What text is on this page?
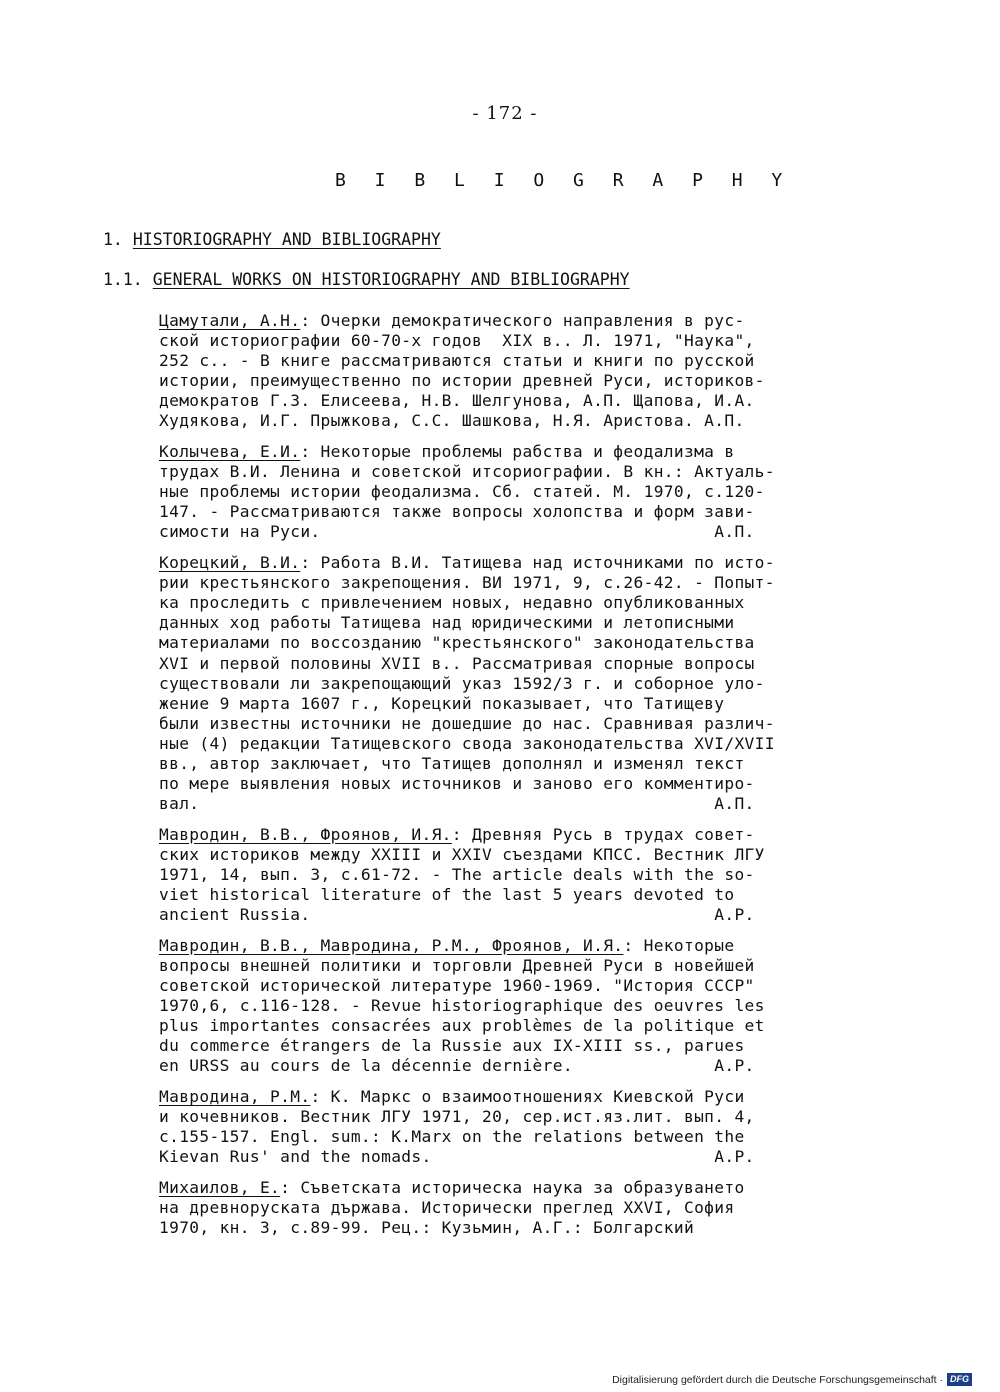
- 172 -
B I B L I O G R A P H Y
1. HISTORIOGRAPHY AND BIBLIOGRAPHY
1.1. GENERAL WORKS ON HISTORIOGRAPHY AND BIBLIOGRAPHY
Цамутали, А.Н.: Очерки демократического направления в рус-
ской историографии 60-70-х годов  XIX в.. Л. 1971, "Наука",
252 с.. - В книге рассматриваются статьи и книги по русской
истории, преимущественно по истории древней Руси, историков-
демократов Г.З. Елисеева, Н.В. Шелгунова, А.П. Щапова, И.А.
Худякова, И.Г. Прыжкова, С.С. Шашкова, Н.Я. Аристова. А.П.
Колычева, Е.И.: Некоторые проблемы рабства и феодализма в
трудах В.И. Ленина и советской итсориографии. В кн.: Актуаль-
ные проблемы истории феодализма. Сб. статей. М. 1970, с.120-
147. - Рассматриваются также вопросы холопства и форм зави-
симости на Руси.                                       А.П.
Корецкий, В.И.: Работа В.И. Татищева над источниками по исто-
рии крестьянского закрепощения. ВИ 1971, 9, с.26-42. - Попыт-
ка проследить с привлечением новых, недавно опубликованных
данных ход работы Татищева над юридическими и летописными
материалами по воссозданию "крестьянского" законодательства
XVI и первой половины XVII в.. Рассматривая спорные вопросы
существовали ли закрепощающий указ 1592/3 г. и соборное уло-
жение 9 марта 1607 г., Корецкий показывает, что Татищеву
были известны источники не дошедшие до нас. Сравнивая различ-
ные (4) редакции Татищевского свода законодательства XVI/XVII
вв., автор заключает, что Татищев дополнял и изменял текст
по мере выявления новых источников и заново его комментиро-
вал.                                                   А.П.
Мавродин, В.В., Фроянов, И.Я.: Древняя Русь в трудах совет-
ских историков между XXIII и XXIV съездами КПСС. Вестник ЛГУ
1971, 14, вып. 3, с.61-72. - The article deals with the so-
viet historical literature of the last 5 years devoted to
ancient Russia.                                        A.P.
Мавродин, В.В., Мавродина, Р.М., Фроянов, И.Я.: Некоторые
вопросы внешней политики и торговли Древней Руси в новейшей
советской исторической литературе 1960-1969. "История СССР"
1970,6, с.116-128. - Revue historiographique des oeuvres les
plus importantes consacrées aux problèmes de la politique et
du commerce étrangers de la Russie aux IX-XIII ss., parues
en URSS au cours de la décennie dernière.              A.P.
Мавродина, Р.М.: К. Маркс о взаимоотношениях Киевской Руси
и кочевников. Вестник ЛГУ 1971, 20, сер.ист.яз.лит. вып. 4,
с.155-157. Engl. sum.: K.Marx on the relations between the
Kievan Rus' and the nomads.                            A.P.
Михаилов, Е.: Съветската историческа наука за образуването
на древноруската държава. Исторически преглед XXVI, София
1970, кн. 3, с.89-99. Рец.: Кузьмин, А.Г.: Болгарский
Digitalisierung gefördert durch die Deutsche Forschungsgemeinschaft · DFG
